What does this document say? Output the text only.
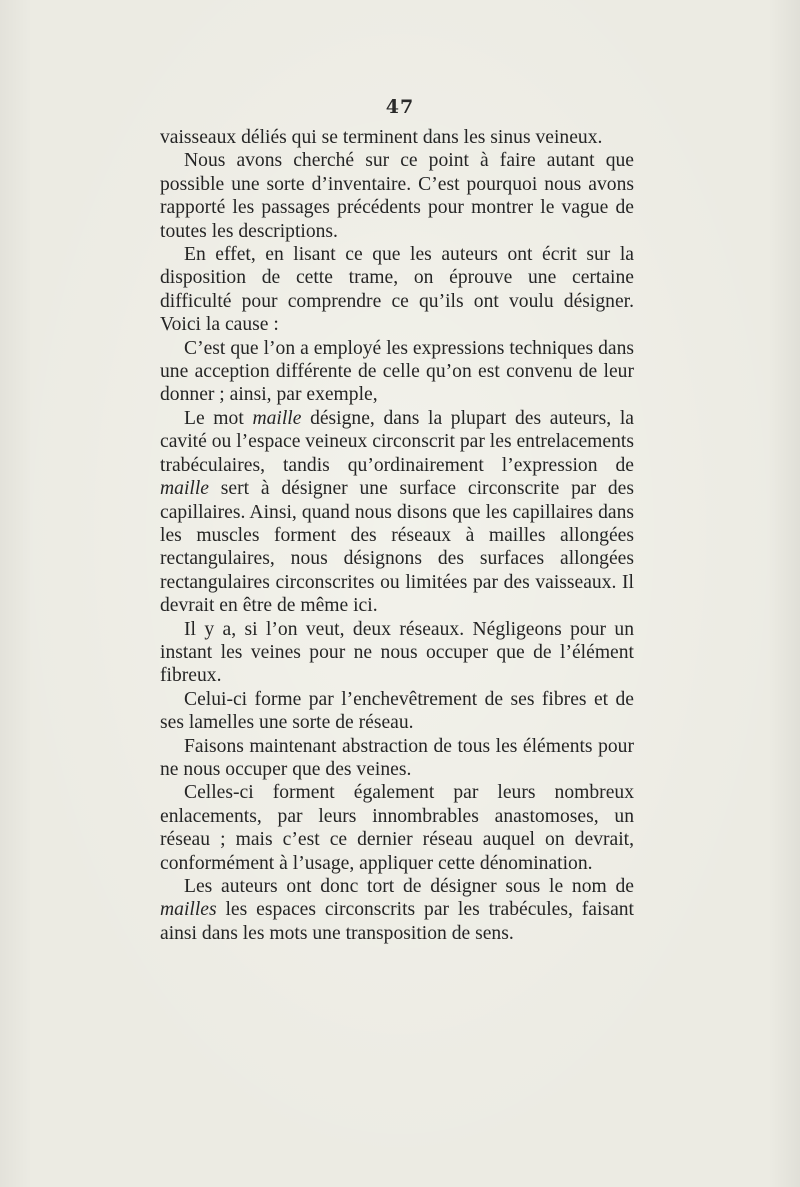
47

vaisseaux déliés qui se terminent dans les sinus veineux.

Nous avons cherché sur ce point à faire autant que possible une sorte d’inventaire. C’est pourquoi nous avons rapporté les passages précédents pour montrer le vague de toutes les descriptions.

En effet, en lisant ce que les auteurs ont écrit sur la disposition de cette trame, on éprouve une certaine difficulté pour comprendre ce qu’ils ont voulu désigner. Voici la cause :

C’est que l’on a employé les expressions techniques dans une acception différente de celle qu’on est convenu de leur donner ; ainsi, par exemple,

Le mot maille désigne, dans la plupart des auteurs, la cavité ou l’espace veineux circonscrit par les entrelacements trabéculaires, tandis qu’ordinairement l’expression de maille sert à désigner une surface circonscrite par des capillaires. Ainsi, quand nous disons que les capillaires dans les muscles forment des réseaux à mailles allongées rectangulaires, nous désignons des surfaces allongées rectangulaires circonscrites ou limitées par des vaisseaux. Il devrait en être de même ici.

Il y a, si l’on veut, deux réseaux. Négligeons pour un instant les veines pour ne nous occuper que de l’élément fibreux.

Celui-ci forme par l’enchevêtrement de ses fibres et de ses lamelles une sorte de réseau.

Faisons maintenant abstraction de tous les éléments pour ne nous occuper que des veines.

Celles-ci forment également par leurs nombreux enlacements, par leurs innombrables anastomoses, un réseau ; mais c’est ce dernier réseau auquel on devrait, conformément à l’usage, appliquer cette dénomination.

Les auteurs ont donc tort de désigner sous le nom de mailles les espaces circonscrits par les trabécules, faisant ainsi dans les mots une transposition de sens.
